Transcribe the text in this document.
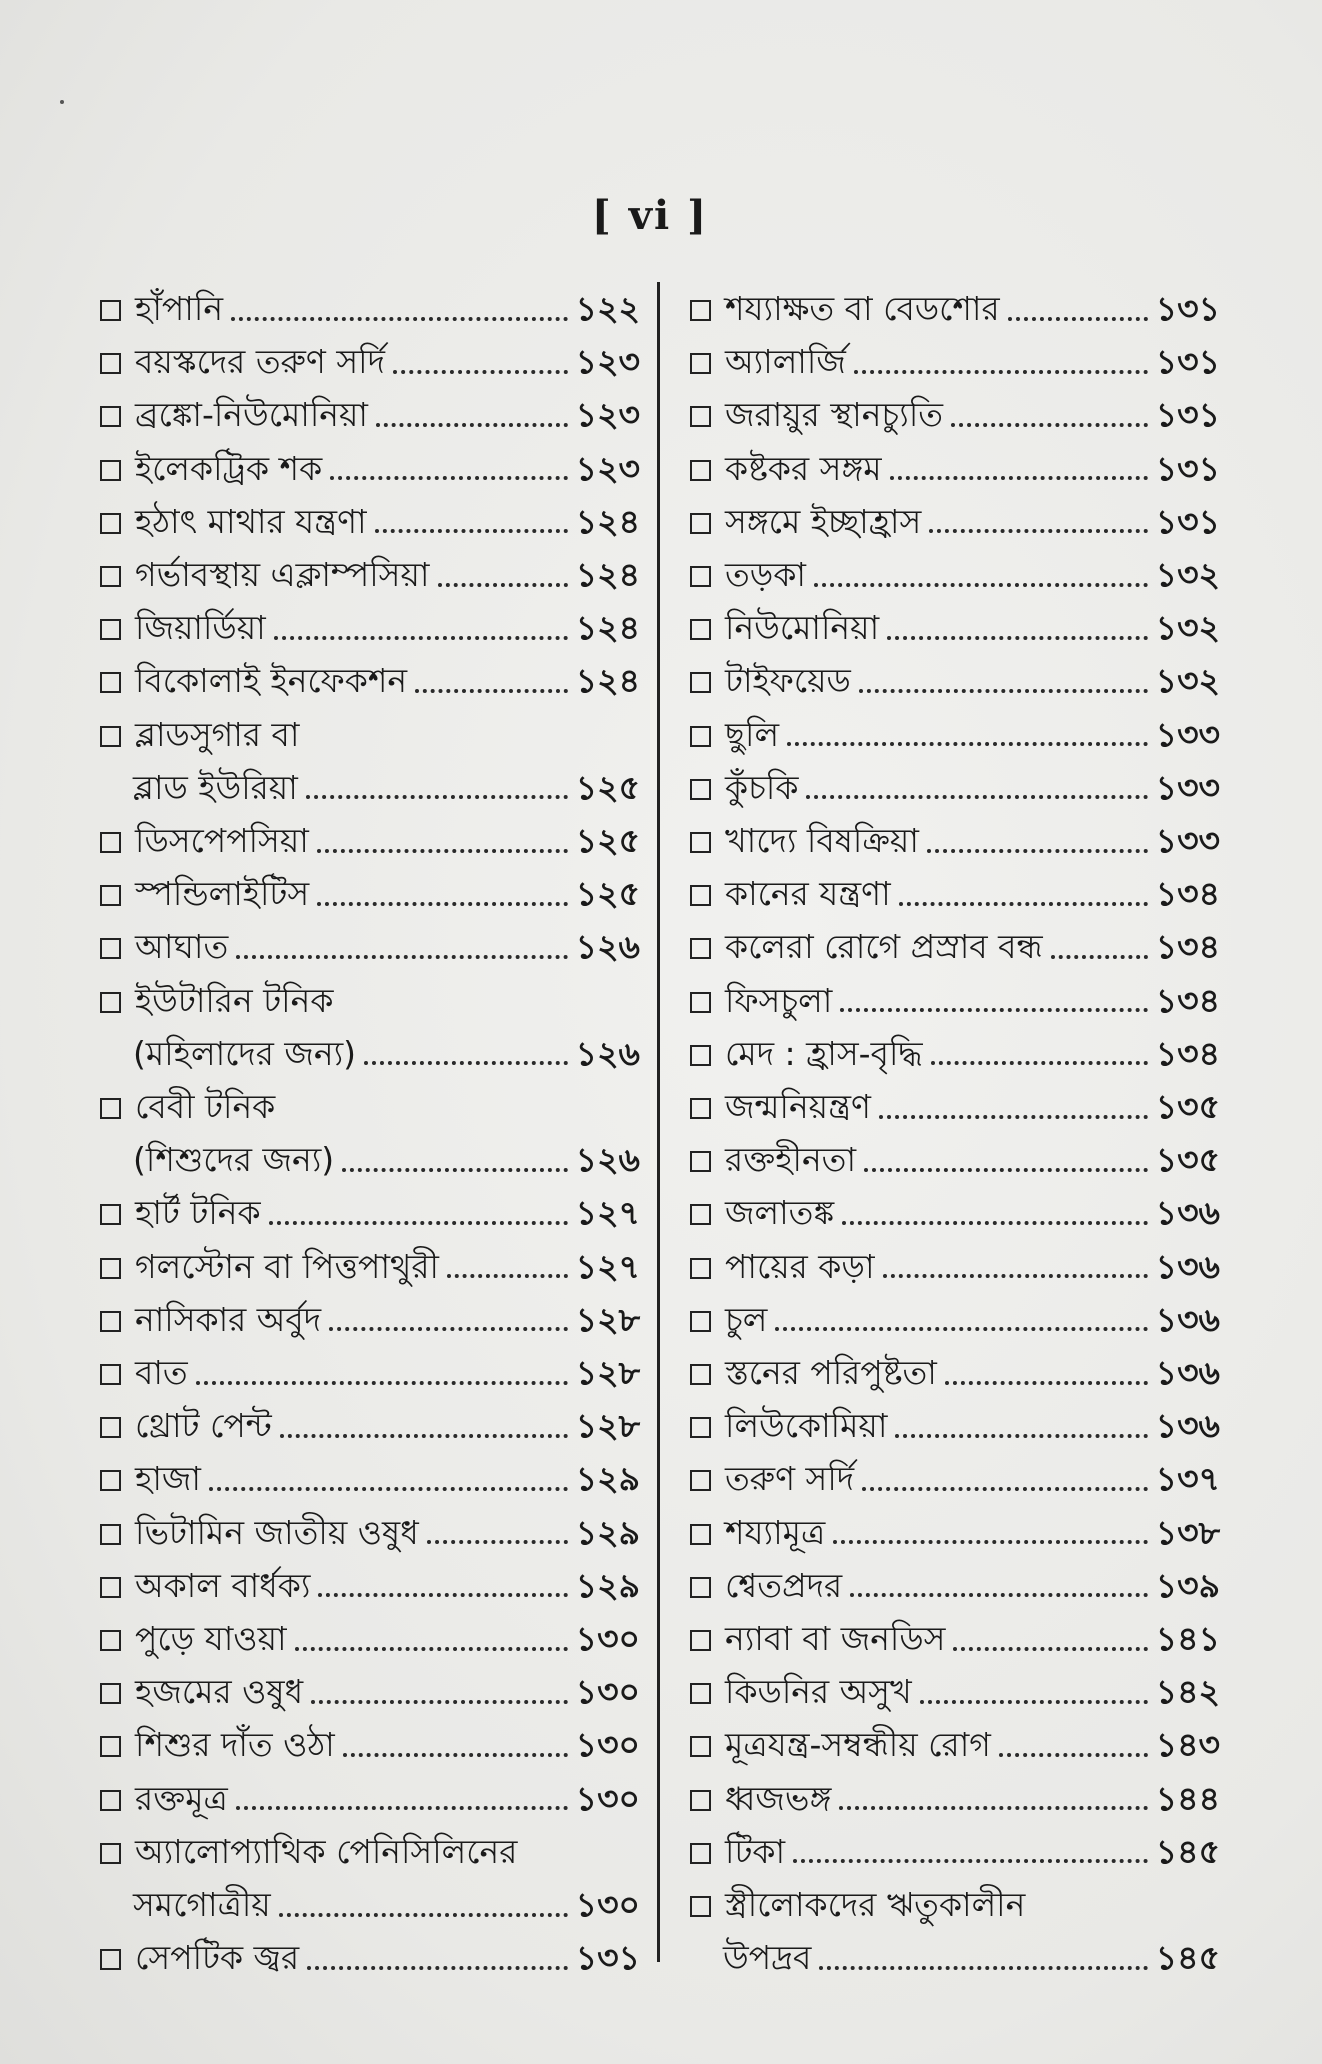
[ vi ]
হাঁপানি	১২২
বয়স্কদের তরুণ সর্দি	১২৩
ব্রঙ্কো-নিউমোনিয়া	১২৩
ইলেকট্রিক শক	১২৩
হঠাৎ মাথার যন্ত্রণা	১২৪
গর্ভাবস্থায় এক্লাম্পসিয়া	১২৪
জিয়ার্ডিয়া	১২৪
বিকোলাই ইনফেকশন	১২৪
ব্লাডসুগার বা
ব্লাড ইউরিয়া	১২৫
ডিসপেপসিয়া	১২৫
স্পন্ডিলাইটিস	১২৫
আঘাত	১২৬
ইউটারিন টনিক
(মহিলাদের জন্য)	১২৬
বেবী টনিক
(শিশুদের জন্য)	১২৬
হার্ট টনিক	১২৭
গলস্টোন বা পিত্তপাথুরী	১২৭
নাসিকার অর্বুদ	১২৮
বাত	১২৮
থ্রোট পেন্ট	১২৮
হাজা	১২৯
ভিটামিন জাতীয় ওষুধ	১২৯
অকাল বার্ধক্য	১২৯
পুড়ে যাওয়া	১৩০
হজমের ওষুধ	১৩০
শিশুর দাঁত ওঠা	১৩০
রক্তমূত্র	১৩০
অ্যালোপ্যাথিক পেনিসিলিনের
সমগোত্রীয়	১৩০
সেপটিক জ্বর	১৩১
শয্যাক্ষত বা বেডশোর	১৩১
অ্যালার্জি	১৩১
জরায়ুর স্থানচ্যুতি	১৩১
কষ্টকর সঙ্গম	১৩১
সঙ্গমে ইচ্ছাহ্রাস	১৩১
তড়কা	১৩২
নিউমোনিয়া	১৩২
টাইফয়েড	১৩২
ছুলি	১৩৩
কুঁচকি	১৩৩
খাদ্যে বিষক্রিয়া	১৩৩
কানের যন্ত্রণা	১৩৪
কলেরা রোগে প্রস্রাব বন্ধ	১৩৪
ফিসচুলা	১৩৪
মেদ : হ্রাস-বৃদ্ধি	১৩৪
জন্মনিয়ন্ত্রণ	১৩৫
রক্তহীনতা	১৩৫
জলাতঙ্ক	১৩৬
পায়ের কড়া	১৩৬
চুল	১৩৬
স্তনের পরিপুষ্টতা	১৩৬
লিউকোমিয়া	১৩৬
তরুণ সর্দি	১৩৭
শয্যামূত্র	১৩৮
শ্বেতপ্রদর	১৩৯
ন্যাবা বা জনডিস	১৪১
কিডনির অসুখ	১৪২
মূত্রযন্ত্র-সম্বন্ধীয় রোগ	১৪৩
ধ্বজভঙ্গ	১৪৪
টিকা	১৪৫
স্ত্রীলোকদের ঋতুকালীন
উপদ্রব	১৪৫
